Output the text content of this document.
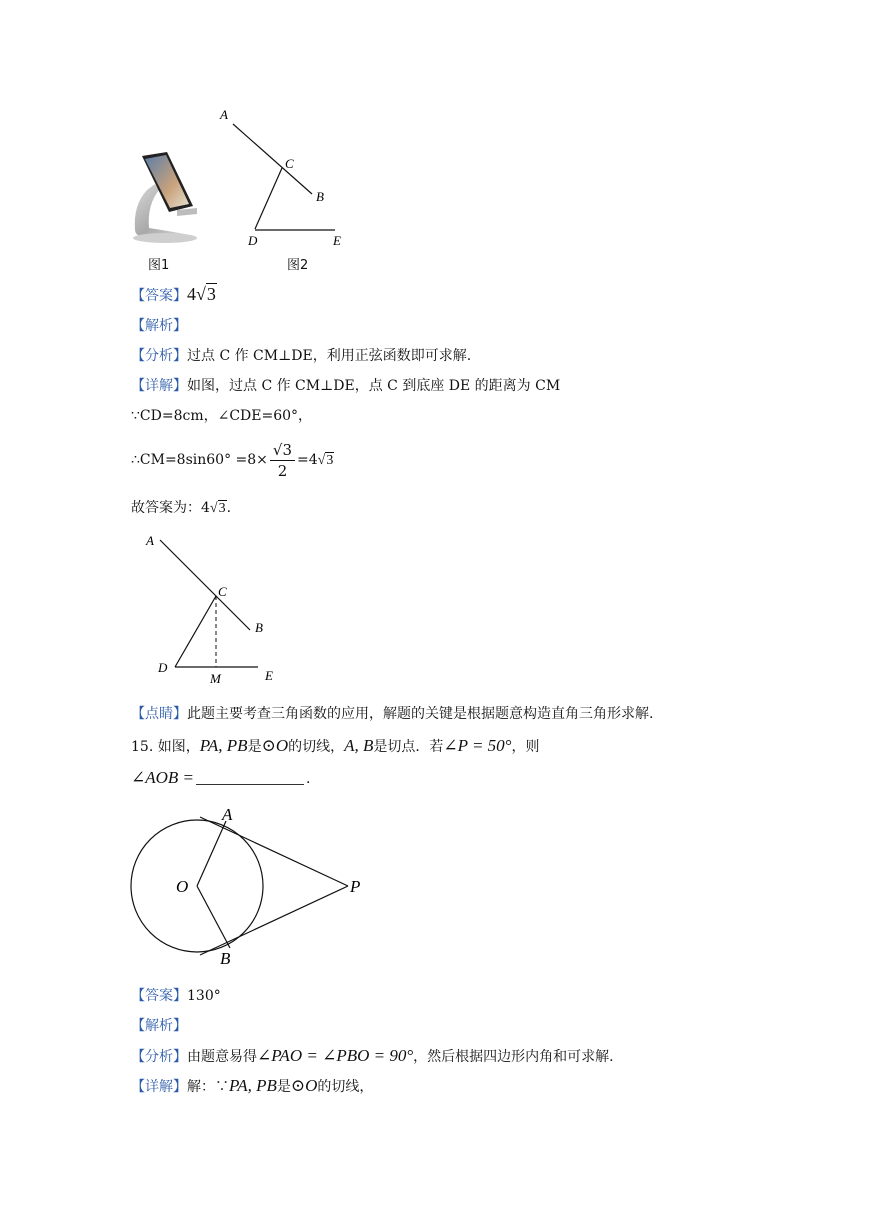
图1
A
C
B
D	E
图2
【答案】4√3
【解析】
【分析】过点 C 作 CM⊥DE，利用正弦函数即可求解.
【详解】如图，过点 C 作 CM⊥DE，点 C 到底座 DE 的距离为 CM
∵CD=8cm，∠CDE=60°，
∴CM=8sin60° $=8\times \frac{√3}{2} =4√3$
故答案为：4√3.
A
C
B
D
E
M
【点睛】此题主要考查三角函数的应用，解题的关键是根据题意构造直角三角形求解.
15. 如图，PA, PB是⊙O的切线，A, B是切点．若∠P = 50°，则
∠AOB =	.
A
O	P
B
【答案】130°
【解析】
【分析】由题意易得∠PAO = ∠PBO = 90°，然后根据四边形内角和可求解.
【详解】解：∵PA, PB是⊙O的切线，
